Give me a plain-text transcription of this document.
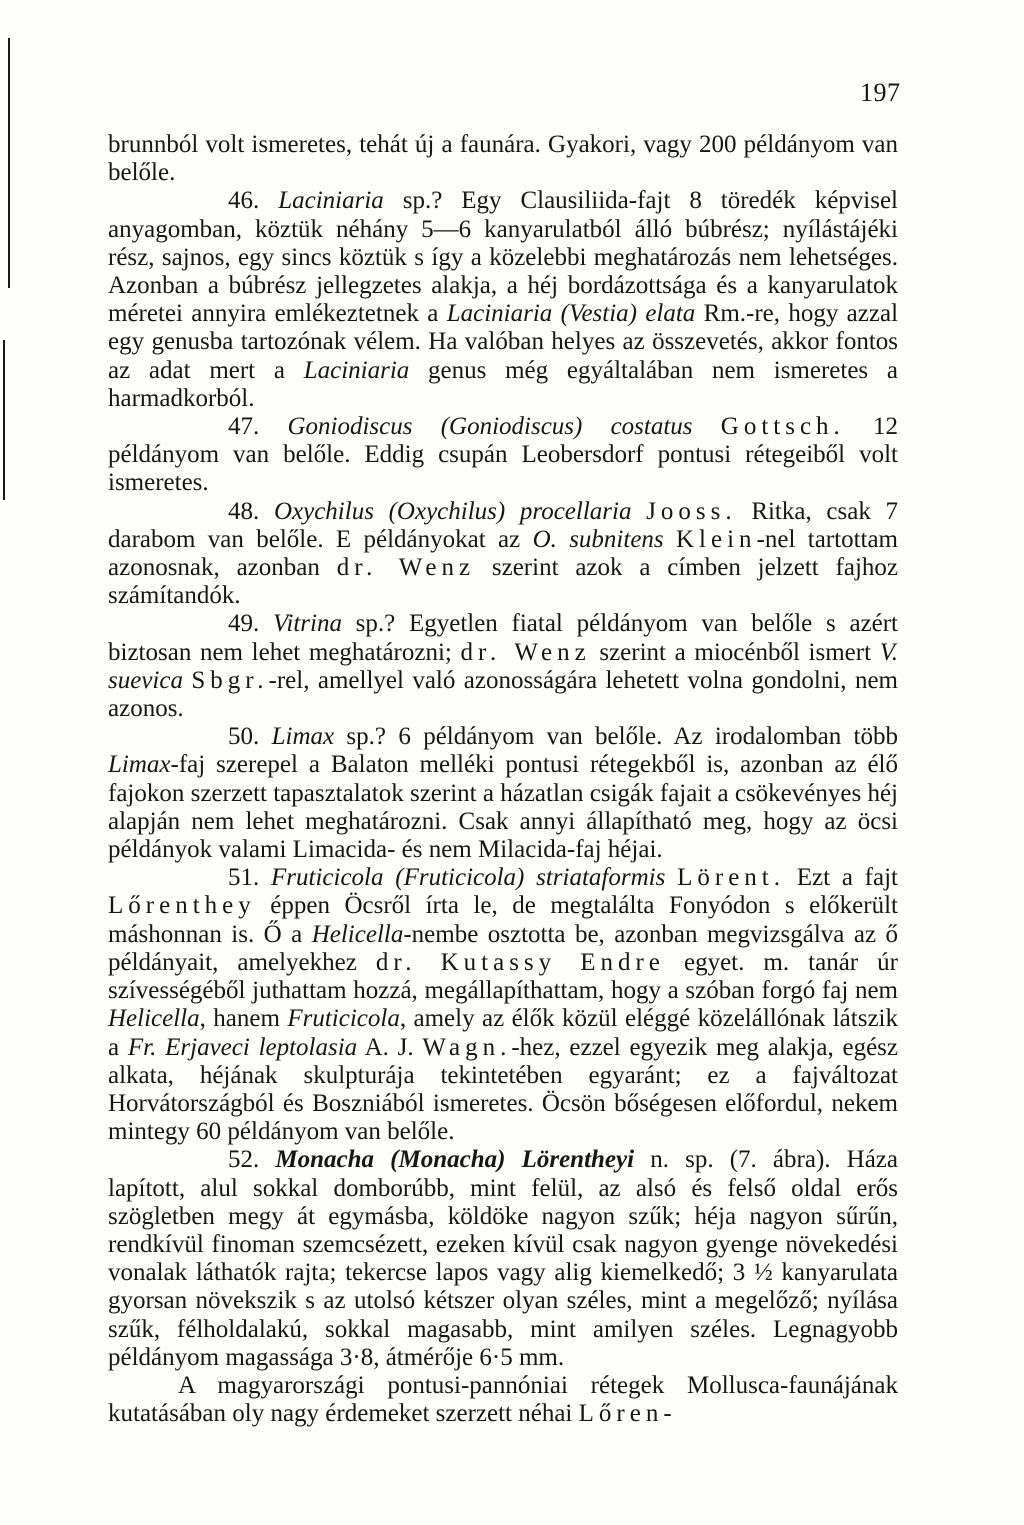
197

brunnból volt ismeretes, tehát új a faunára. Gyakori, vagy 200 példányom van belőle.

46. Laciniaria sp.? Egy Clausiliida-fajt 8 töredék képvisel anyagomban, köztük néhány 5—6 kanyarulatból álló búbrész; nyílástájéki rész, sajnos, egy sincs köztük s így a közelebbi meghatározás nem lehetséges. Azonban a búbrész jellegzetes alakja, a héj bordázottsága és a kanyarulatok méretei annyira emlékeztetnek a Laciniaria (Vestia) elata Rm.-re, hogy azzal egy genusba tartozónak vélem. Ha valóban helyes az összevetés, akkor fontos az adat mert a Laciniaria genus még egyáltalában nem ismeretes a harmadkorból.

47. Goniodiscus (Goniodiscus) costatus Gottsch. 12 példányom van belőle. Eddig csupán Leobersdorf pontusi rétegeiből volt ismeretes.

48. Oxychilus (Oxychilus) procellaria Jooss. Ritka, csak 7 darabom van belőle. E példányokat az O. subnitens Klein-nel tartottam azonosnak, azonban dr. Wenz szerint azok a címben jelzett fajhoz számítandók.

49. Vitrina sp.? Egyetlen fiatal példányom van belőle s azért biztosan nem lehet meghatározni; dr. Wenz szerint a miocénből ismert V. suevica Sbgr.-rel, amellyel való azonosságára lehetett volna gondolni, nem azonos.

50. Limax sp.? 6 példányom van belőle. Az irodalomban több Limax-faj szerepel a Balaton melléki pontusi rétegekből is, azonban az élő fajokon szerzett tapasztalatok szerint a házatlan csigák fajait a csökevényes héj alapján nem lehet meghatározni. Csak annyi állapítható meg, hogy az öcsi példányok valami Limacida- és nem Milacida-faj héjai.

51. Fruticicola (Fruticicola) striataformis Lörent. Ezt a fajt Lőrenthey éppen Öcsről írta le, de megtalálta Fonyódon s előkerült máshonnan is. Ő a Helicella-nembe osztotta be, azonban megvizsgálva az ő példányait, amelyekhez dr. Kutassy Endre egyet. m. tanár úr szívességéből juthattam hozzá, megállapíthattam, hogy a szóban forgó faj nem Helicella, hanem Fruticicola, amely az élők közül eléggé közelállónak látszik a Fr. Erjaveci leptolasia A. J. Wagn.-hez, ezzel egyezik meg alakja, egész alkata, héjának skulpturája tekintetében egyaránt; ez a fajváltozat Horvátországból és Boszniából ismeretes. Öcsön bőségesen előfordul, nekem mintegy 60 példányom van belőle.

52. Monacha (Monacha) Lörentheyi n. sp. (7. ábra). Háza lapított, alul sokkal domborúbb, mint felül, az alsó és felső oldal erős szögletben megy át egymásba, köldöke nagyon szűk; héja nagyon sűrűn, rendkívül finoman szemcsézett, ezeken kívül csak nagyon gyenge növekedési vonalak láthatók rajta; tekercse lapos vagy alig kiemelkedő; 3 ½ kanyarulata gyorsan növekszik s az utolsó kétszer olyan széles, mint a megelőző; nyílása szűk, félholdalakú, sokkal magasabb, mint amilyen széles. Legnagyobb példányom magassága 3·8, átmérője 6·5 mm.

A magyarországi pontusi-pannóniai rétegek Mollusca-faunájának kutatásában oly nagy érdemeket szerzett néhai Lőren-
